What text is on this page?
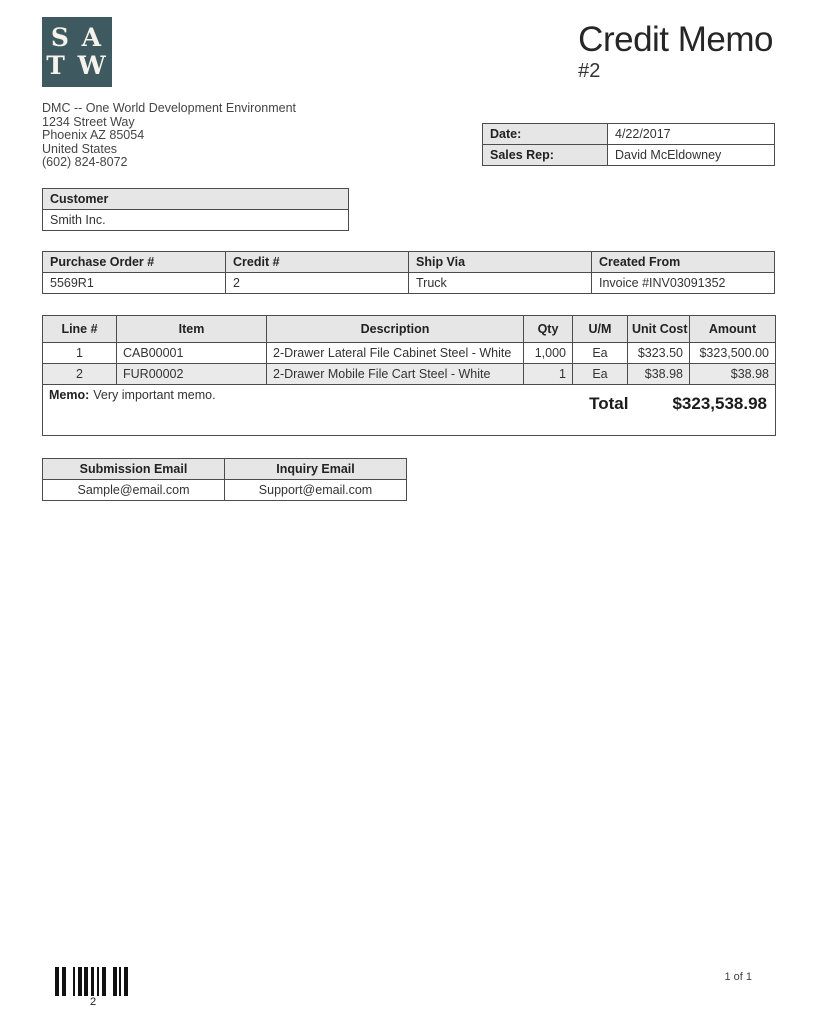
S A
T W
Credit Memo
#2
DMC -- One World Development Environment
1234 Street Way
Phoenix AZ 85054
United States
(602) 824-8072
Date:	4/22/2017
Sales Rep:	David McEldowney
Customer
Smith Inc.
Purchase Order #	Credit #	Ship Via	Created From
5569R1	2	Truck	Invoice #INV03091352
Line #	Item	Description	Qty	U/M	Unit Cost	Amount
1	CAB00001	2-Drawer Lateral File Cabinet Steel - White	1,000	Ea	$323.50	$323,500.00
2	FUR00002	2-Drawer Mobile File Cart Steel - White	1	Ea	$38.98	$38.98

Memo: Very important memo. Total $323,538.98						
Submission Email	Inquiry Email
Sample@email.com	Support@email.com
2
1 of 1
